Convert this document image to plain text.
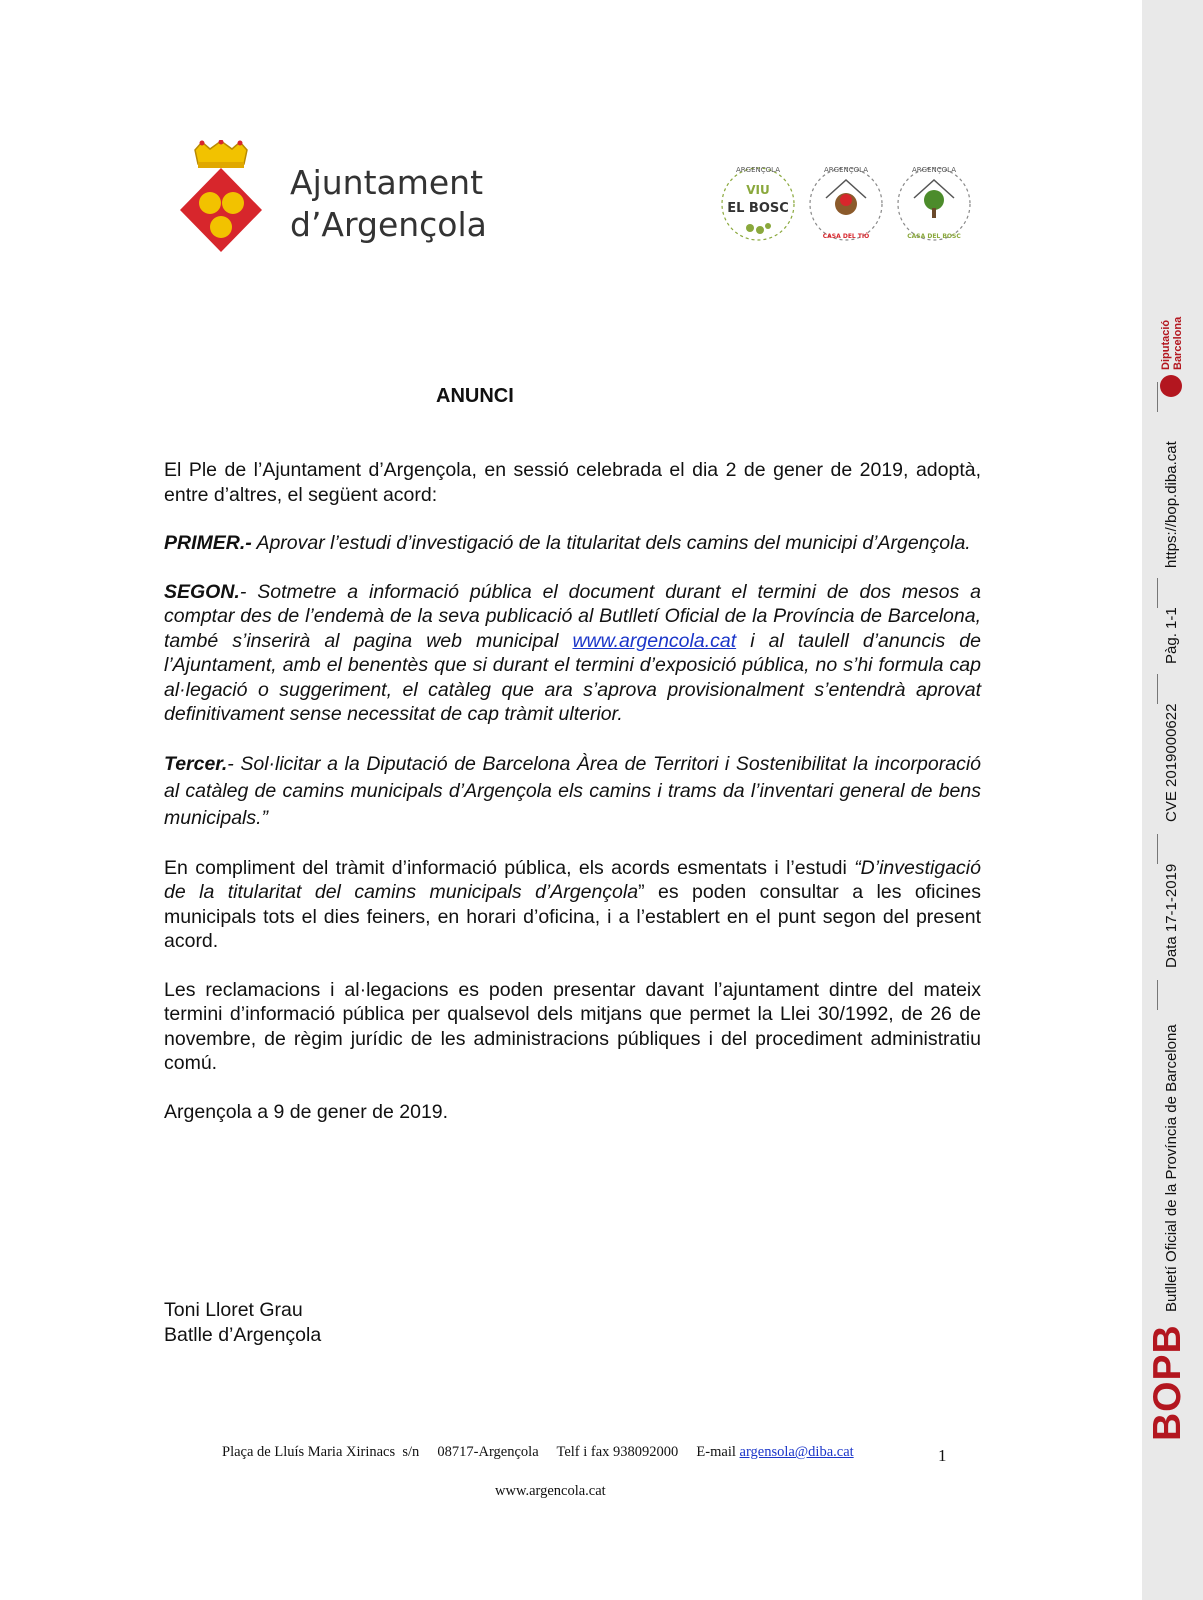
Ajuntament
d’Argençola
ARGENÇOLA
VIU
EL BOSC
ARGENÇOLA
CASA DEL TIÓ
ARGENÇOLA
CASA DEL BOSC
ANUNCI

El Ple de l’Ajuntament d’Argençola, en sessió celebrada el dia 2 de gener de 2019, adoptà, entre d’altres, el següent acord:

PRIMER.- Aprovar l’estudi d’investigació de la titularitat dels camins del municipi d’Argençola.

SEGON.- Sotmetre a informació pública el document durant el termini de dos mesos a comptar des de l’endemà de la seva publicació al Butlletí Oficial de la Província de Barcelona, també s’inserirà al pagina web municipal www.argencola.cat i al taulell d’anuncis de l’Ajuntament, amb el benentès que si durant el termini d’exposició pública, no s’hi formula cap al·legació o suggeriment, el catàleg que ara s’aprova provisionalment s’entendrà aprovat definitivament sense necessitat de cap tràmit ulterior.

Tercer.- Sol·licitar a la Diputació de Barcelona Àrea de Territori i Sostenibilitat la incorporació al catàleg de camins municipals d’Argençola els camins i trams da l’inventari general de bens municipals.”

En compliment del tràmit d’informació pública, els acords esmentats i l’estudi “D’investigació de la titularitat del camins municipals d’Argençola” es poden consultar a les oficines municipals tots el dies feiners, en horari d’oficina, i a l’establert en el punt segon del present acord.

Les reclamacions i al·legacions es poden presentar davant l’ajuntament dintre del mateix termini d’informació pública per qualsevol dels mitjans que permet la Llei 30/1992, de 26 de novembre, de règim jurídic de les administracions públiques i del procediment administratiu comú.

Argençola a 9 de gener de 2019.

Toni Lloret Grau
Batlle d’Argençola
Plaça de Lluís Maria Xirinacs  s/n     08717-Argençola     Telf i fax 938092000     E-mail argensola@diba.cat	1
www.argencola.cat
Diputació Barcelona
https://bop.diba.cat
Pàg. 1-1
CVE 2019000622
Data 17-1-2019
Butlletí Oficial de la Província de Barcelona
BOPB
